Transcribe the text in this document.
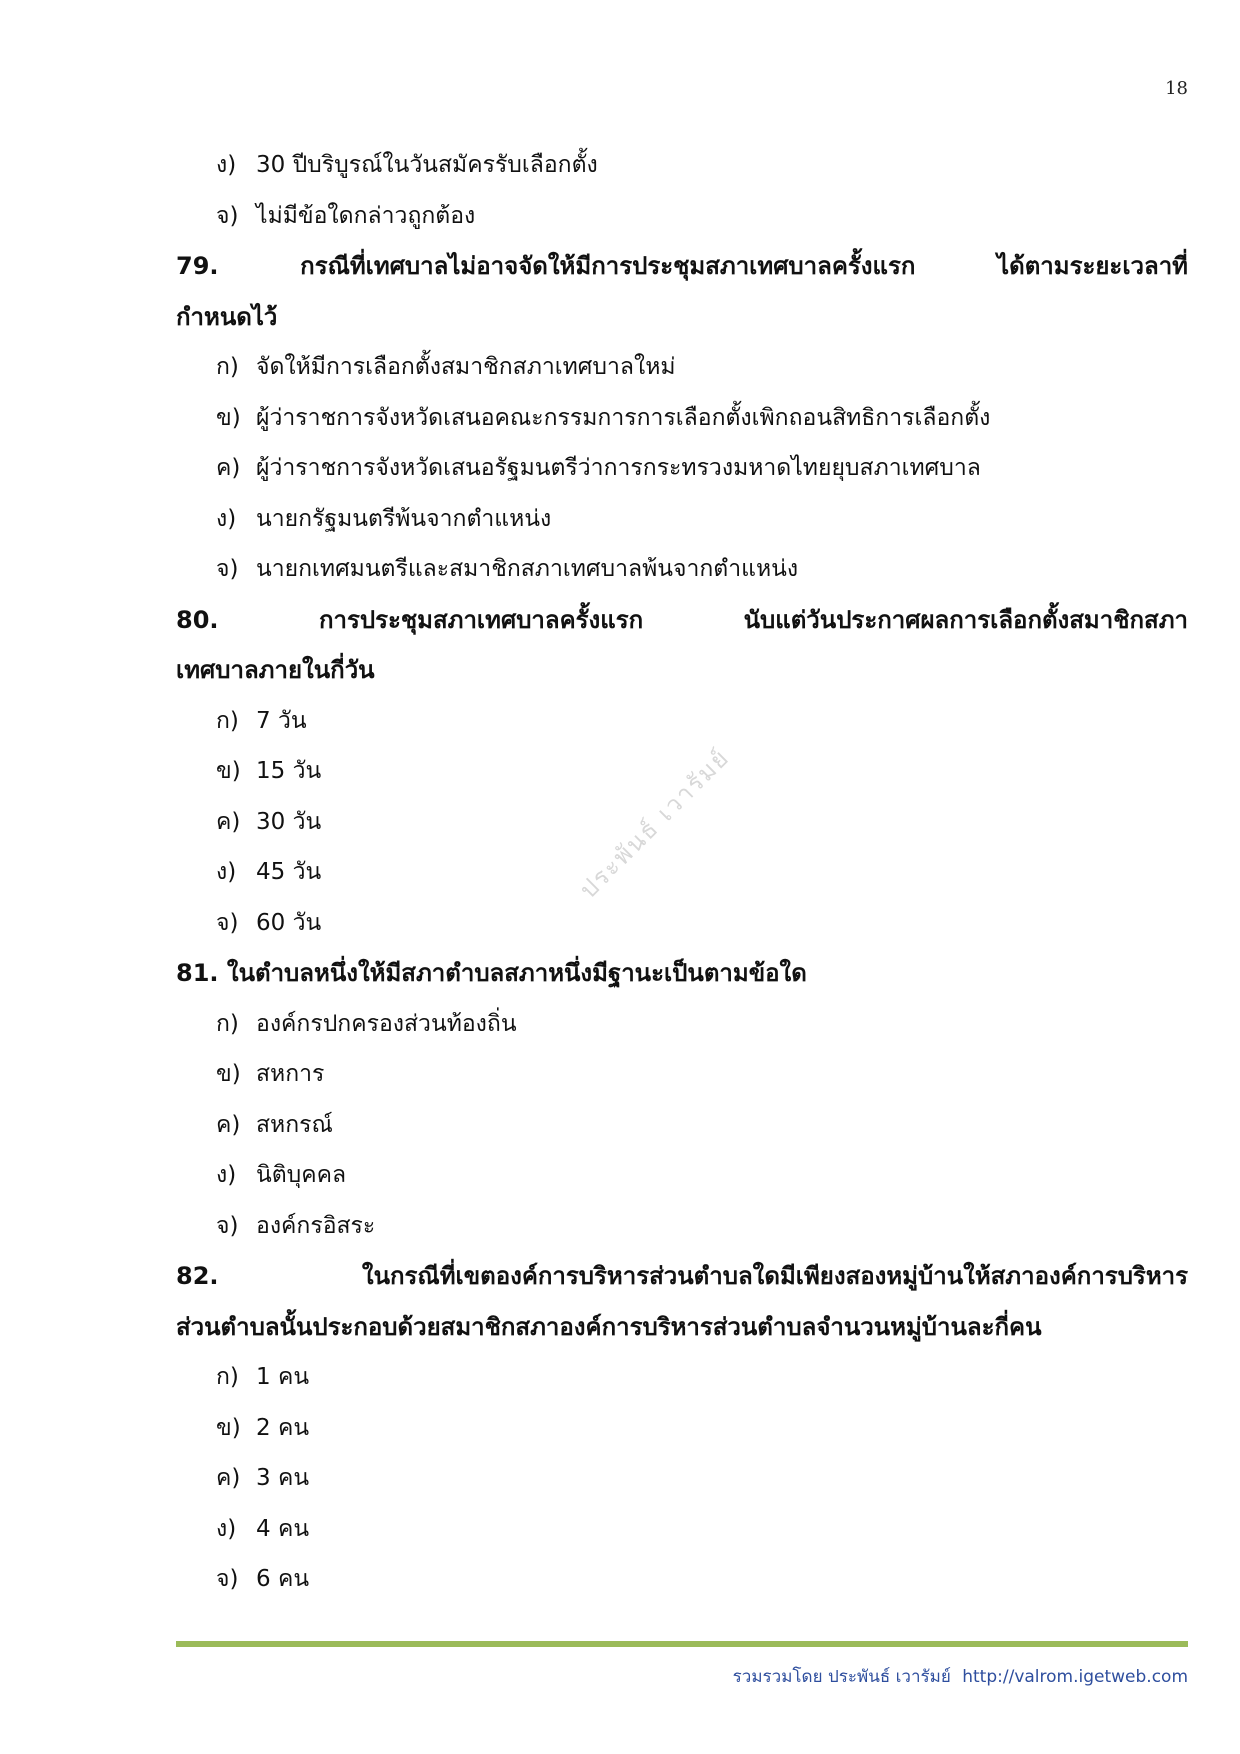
18
ง) 30 ปีบริบูรณ์ในวันสมัครรับเลือกตั้ง
จ) ไม่มีข้อใดกล่าวถูกต้อง
79. กรณีที่เทศบาลไม่อาจจัดให้มีการประชุมสภาเทศบาลครั้งแรก ได้ตามระยะเวลาที่
กำหนดไว้
ก) จัดให้มีการเลือกตั้งสมาชิกสภาเทศบาลใหม่
ข) ผู้ว่าราชการจังหวัดเสนอคณะกรรมการการเลือกตั้งเพิกถอนสิทธิการเลือกตั้ง
ค) ผู้ว่าราชการจังหวัดเสนอรัฐมนตรีว่าการกระทรวงมหาดไทยยุบสภาเทศบาล
ง) นายกรัฐมนตรีพ้นจากตำแหน่ง
จ) นายกเทศมนตรีและสมาชิกสภาเทศบาลพ้นจากตำแหน่ง
80. การประชุมสภาเทศบาลครั้งแรก นับแต่วันประกาศผลการเลือกตั้งสมาชิกสภา
เทศบาลภายในกี่วัน
ก) 7 วัน
ข) 15 วัน
ค) 30 วัน
ง) 45 วัน
จ) 60 วัน
81. ในตำบลหนึ่งให้มีสภาตำบลสภาหนึ่งมีฐานะเป็นตามข้อใด
ก) องค์กรปกครองส่วนท้องถิ่น
ข) สหการ
ค) สหกรณ์
ง) นิติบุคคล
จ) องค์กรอิสระ
82. ในกรณีที่เขตองค์การบริหารส่วนตำบลใดมีเพียงสองหมู่บ้านให้สภาองค์การบริหาร
ส่วนตำบลนั้นประกอบด้วยสมาชิกสภาองค์การบริหารส่วนตำบลจำนวนหมู่บ้านละกี่คน
ก) 1 คน
ข) 2 คน
ค) 3 คน
ง) 4 คน
จ) 6 คน
ประพันธ์ เวารัมย์
รวมรวมโดย ประพันธ์ เวารัมย์ http://valrom.igetweb.com
